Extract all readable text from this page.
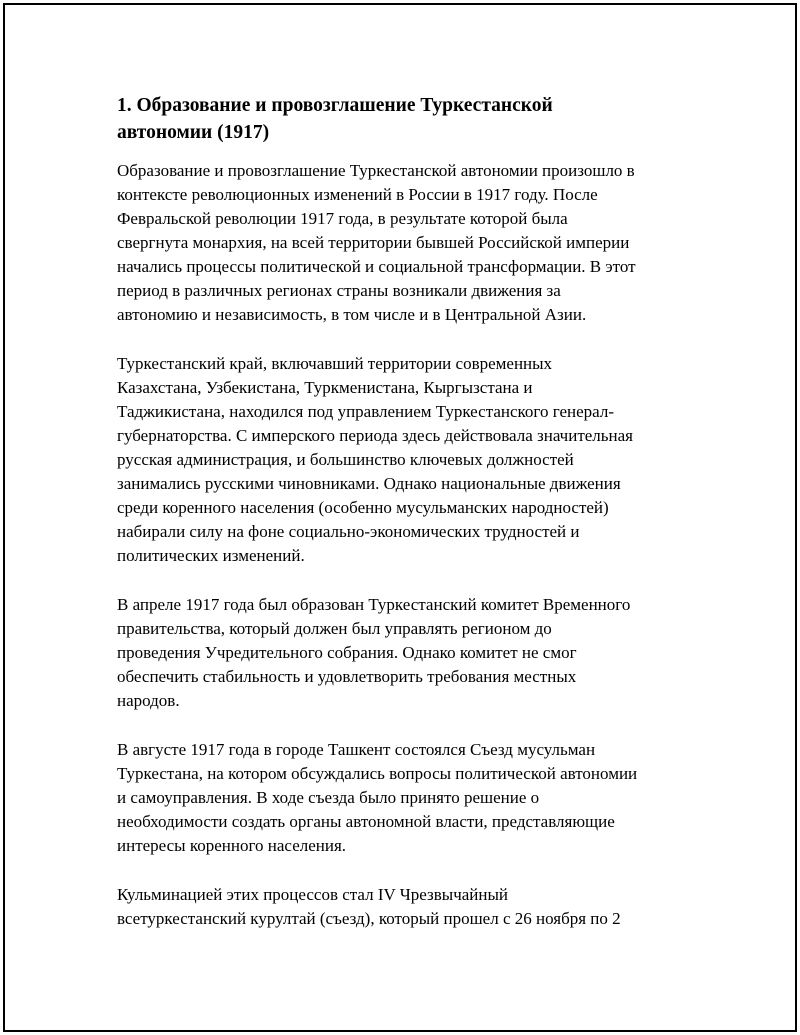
1. Образование и провозглашение Туркестанской
автономии (1917)

Образование и провозглашение Туркестанской автономии произошло в
контексте революционных изменений в России в 1917 году. После
Февральской революции 1917 года, в результате которой была
свергнута монархия, на всей территории бывшей Российской империи
начались процессы политической и социальной трансформации. В этот
период в различных регионах страны возникали движения за
автономию и независимость, в том числе и в Центральной Азии.

Туркестанский край, включавший территории современных
Казахстана, Узбекистана, Туркменистана, Кыргызстана и
Таджикистана, находился под управлением Туркестанского генерал-
губернаторства. С имперского периода здесь действовала значительная
русская администрация, и большинство ключевых должностей
занимались русскими чиновниками. Однако национальные движения
среди коренного населения (особенно мусульманских народностей)
набирали силу на фоне социально-экономических трудностей и
политических изменений.

В апреле 1917 года был образован Туркестанский комитет Временного
правительства, который должен был управлять регионом до
проведения Учредительного собрания. Однако комитет не смог
обеспечить стабильность и удовлетворить требования местных
народов.

В августе 1917 года в городе Ташкент состоялся Съезд мусульман
Туркестана, на котором обсуждались вопросы политической автономии
и самоуправления. В ходе съезда было принято решение о
необходимости создать органы автономной власти, представляющие
интересы коренного населения.

Кульминацией этих процессов стал IV Чрезвычайный
всетуркестанский курултай (съезд), который прошел с 26 ноября по 2
